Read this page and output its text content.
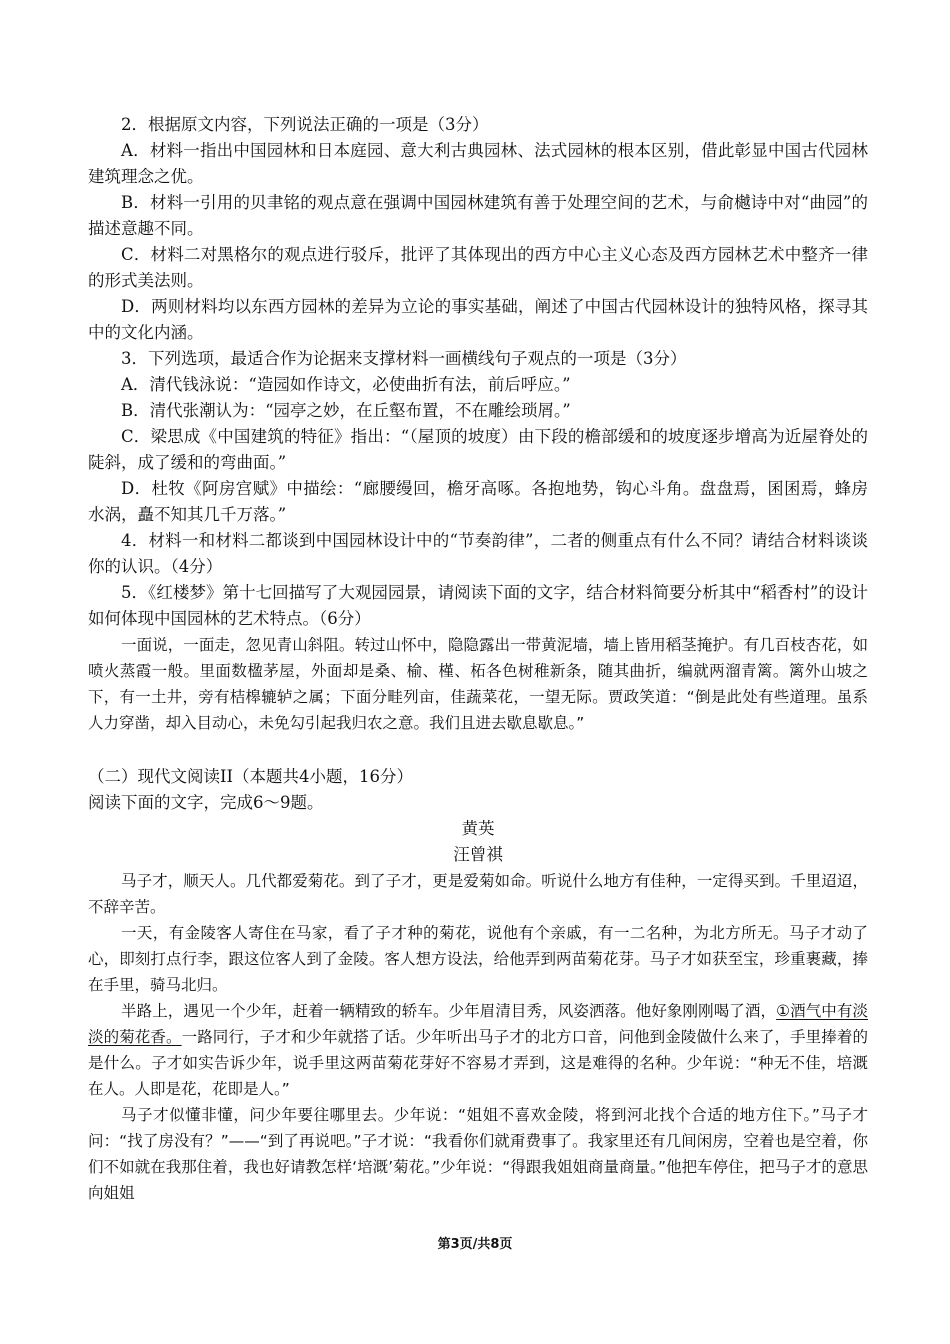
2．根据原文内容，下列说法正确的一项是（3分）

A．材料一指出中国园林和日本庭园、意大利古典园林、法式园林的根本区别，借此彰显中国古代园林建筑理念之优。

B．材料一引用的贝聿铭的观点意在强调中国园林建筑有善于处理空间的艺术，与俞樾诗中对“曲园”的描述意趣不同。

C．材料二对黑格尔的观点进行驳斥，批评了其体现出的西方中心主义心态及西方园林艺术中整齐一律的形式美法则。

D．两则材料均以东西方园林的差异为立论的事实基础，阐述了中国古代园林设计的独特风格，探寻其中的文化内涵。

3．下列选项，最适合作为论据来支撑材料一画横线句子观点的一项是（3分）

A．清代钱泳说：“造园如作诗文，必使曲折有法，前后呼应。”

B．清代张潮认为：“园亭之妙，在丘壑布置，不在雕绘琐屑。”

C．梁思成《中国建筑的特征》指出：“（屋顶的坡度）由下段的檐部缓和的坡度逐步增高为近屋脊处的陡斜，成了缓和的弯曲面。”

D．杜牧《阿房宫赋》中描绘：“廊腰缦回，檐牙高啄。各抱地势，钩心斗角。盘盘焉，囷囷焉，蜂房水涡，矗不知其几千万落。”

4．材料一和材料二都谈到中国园林设计中的“节奏韵律”，二者的侧重点有什么不同？请结合材料谈谈你的认识。（4分）

5．《红楼梦》第十七回描写了大观园园景，请阅读下面的文字，结合材料简要分析其中“稻香村”的设计如何体现中国园林的艺术特点。（6分）

一面说，一面走，忽见青山斜阻。转过山怀中，隐隐露出一带黄泥墙，墙上皆用稻茎掩护。有几百枝杏花，如喷火蒸霞一般。里面数楹茅屋，外面却是桑、榆、槿、柘各色树稚新条，随其曲折，编就两溜青篱。篱外山坡之下，有一土井，旁有桔槔辘轳之属；下面分畦列亩，佳蔬菜花，一望无际。贾政笑道：“倒是此处有些道理。虽系人力穿凿，却入目动心，未免勾引起我归农之意。我们且进去歇息歇息。”

（二）现代文阅读II（本题共4小题，16分）

阅读下面的文字，完成6～9题。

黄英

汪曾祺

马子才，顺天人。几代都爱菊花。到了子才，更是爱菊如命。听说什么地方有佳种，一定得买到。千里迢迢，不辞辛苦。

一天，有金陵客人寄住在马家，看了子才种的菊花，说他有个亲戚，有一二名种，为北方所无。马子才动了心，即刻打点行李，跟这位客人到了金陵。客人想方设法，给他弄到两苗菊花芽。马子才如获至宝，珍重裹藏，捧在手里，骑马北归。

半路上，遇见一个少年，赶着一辆精致的轿车。少年眉清目秀，风姿洒落。他好象刚刚喝了酒，①酒气中有淡淡的菊花香。一路同行，子才和少年就搭了话。少年听出马子才的北方口音，问他到金陵做什么来了，手里捧着的是什么。子才如实告诉少年，说手里这两苗菊花芽好不容易才弄到，这是难得的名种。少年说：“种无不佳，培溉在人。人即是花，花即是人。”

马子才似懂非懂，问少年要往哪里去。少年说：“姐姐不喜欢金陵，将到河北找个合适的地方住下。”马子才问：“找了房没有？”——“到了再说吧。”子才说：“我看你们就甭费事了。我家里还有几间闲房，空着也是空着，你们不如就在我那住着，我也好请教怎样‘培溉’菊花。”少年说：“得跟我姐姐商量商量。”他把车停住，把马子才的意思向姐姐

第3页/共8页
